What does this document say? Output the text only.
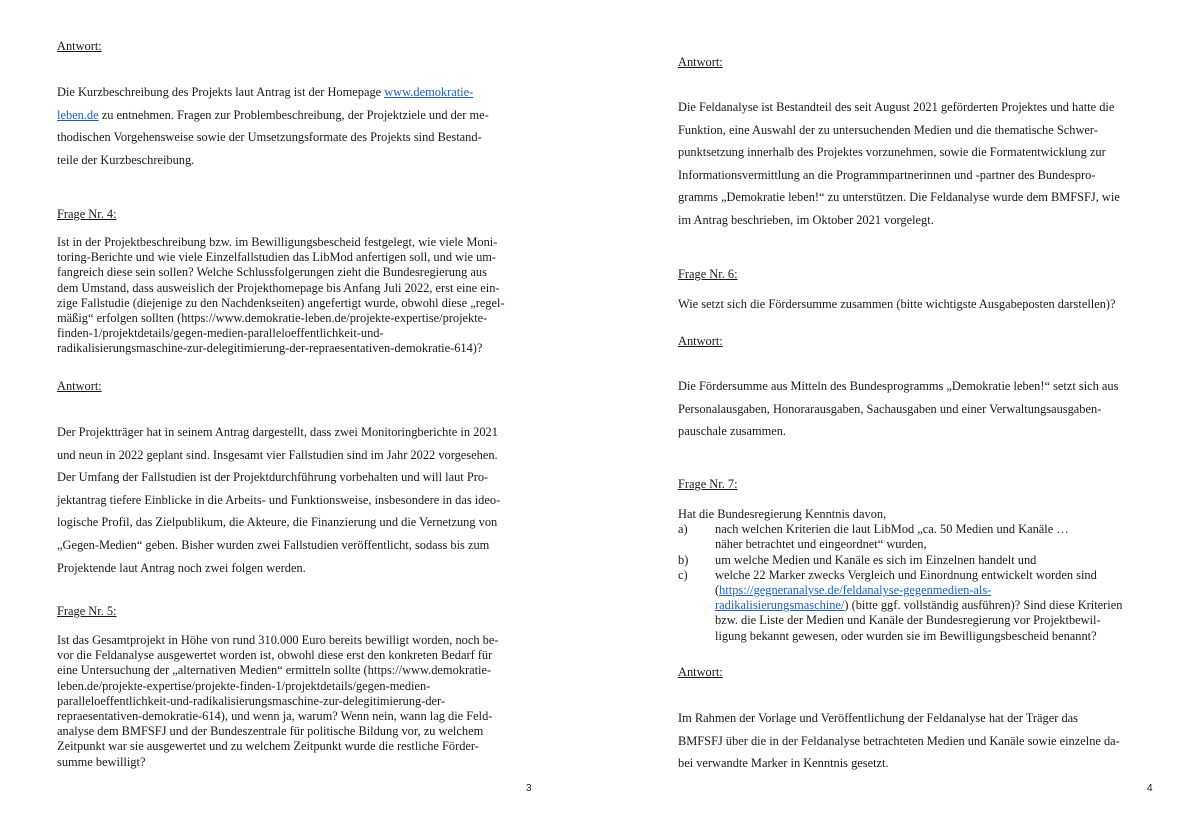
Antwort:
Die Kurzbeschreibung des Projekts laut Antrag ist der Homepage www.demokratie-
leben.de zu entnehmen. Fragen zur Problembeschreibung, der Projektziele und der me-
thodischen Vorgehensweise sowie der Umsetzungsformate des Projekts sind Bestand-
teile der Kurzbeschreibung.
Frage Nr. 4:
Ist in der Projektbeschreibung bzw. im Bewilligungsbescheid festgelegt, wie viele Moni-
toring-Berichte und wie viele Einzelfallstudien das LibMod anfertigen soll, und wie um-
fangreich diese sein sollen? Welche Schlussfolgerungen zieht die Bundesregierung aus
dem Umstand, dass ausweislich der Projekthomepage bis Anfang Juli 2022, erst eine ein-
zige Fallstudie (diejenige zu den Nachdenkseiten) angefertigt wurde, obwohl diese „regel-
mäßig“ erfolgen sollten (https://www.demokratie-leben.de/projekte-expertise/projekte-
finden-1/projektdetails/gegen-medien-paralleloeffentlichkeit-und-
radikalisierungsmaschine-zur-delegitimierung-der-repraesentativen-demokratie-614)?
Antwort:
Der Projektträger hat in seinem Antrag dargestellt, dass zwei Monitoringberichte in 2021
und neun in 2022 geplant sind. Insgesamt vier Fallstudien sind im Jahr 2022 vorgesehen.
Der Umfang der Fallstudien ist der Projektdurchführung vorbehalten und will laut Pro-
jektantrag tiefere Einblicke in die Arbeits- und Funktionsweise, insbesondere in das ideo-
logische Profil, das Zielpublikum, die Akteure, die Finanzierung und die Vernetzung von
„Gegen-Medien“ geben. Bisher wurden zwei Fallstudien veröffentlicht, sodass bis zum
Projektende laut Antrag noch zwei folgen werden.
Frage Nr. 5:
Ist das Gesamtprojekt in Höhe von rund 310.000 Euro bereits bewilligt worden, noch be-
vor die Feldanalyse ausgewertet worden ist, obwohl diese erst den konkreten Bedarf für
eine Untersuchung der „alternativen Medien“ ermitteln sollte (https://www.demokratie-
leben.de/projekte-expertise/projekte-finden-1/projektdetails/gegen-medien-
paralleloeffentlichkeit-und-radikalisierungsmaschine-zur-delegitimierung-der-
repraesentativen-demokratie-614), und wenn ja, warum? Wenn nein, wann lag die Feld-
analyse dem BMFSFJ und der Bundeszentrale für politische Bildung vor, zu welchem
Zeitpunkt war sie ausgewertet und zu welchem Zeitpunkt wurde die restliche Förder-
summe bewilligt?
3
Antwort:
Die Feldanalyse ist Bestandteil des seit August 2021 geförderten Projektes und hatte die
Funktion, eine Auswahl der zu untersuchenden Medien und die thematische Schwer-
punktsetzung innerhalb des Projektes vorzunehmen, sowie die Formatentwicklung zur
Informationsvermittlung an die Programmpartnerinnen und -partner des Bundespro-
gramms „Demokratie leben!“ zu unterstützen. Die Feldanalyse wurde dem BMFSFJ, wie
im Antrag beschrieben, im Oktober 2021 vorgelegt.
Frage Nr. 6:
Wie setzt sich die Fördersumme zusammen (bitte wichtigste Ausgabeposten darstellen)?
Antwort:
Die Fördersumme aus Mitteln des Bundesprogramms „Demokratie leben!“ setzt sich aus
Personalausgaben, Honorarausgaben, Sachausgaben und einer Verwaltungsausgaben-
pauschale zusammen.
Frage Nr. 7:
Hat die Bundesregierung Kenntnis davon,
a) nach welchen Kriterien die laut LibMod „ca. 50 Medien und Kanäle …
näher betrachtet und eingeordnet“ wurden,
b) um welche Medien und Kanäle es sich im Einzelnen handelt und
c) welche 22 Marker zwecks Vergleich und Einordnung entwickelt worden sind
(https://gegneranalyse.de/feldanalyse-gegenmedien-als-
radikalisierungsmaschine/) (bitte ggf. vollständig ausführen)? Sind diese Kriterien
bzw. die Liste der Medien und Kanäle der Bundesregierung vor Projektbewil-
ligung bekannt gewesen, oder wurden sie im Bewilligungsbescheid benannt?
Antwort:
Im Rahmen der Vorlage und Veröffentlichung der Feldanalyse hat der Träger das
BMFSFJ über die in der Feldanalyse betrachteten Medien und Kanäle sowie einzelne da-
bei verwandte Marker in Kenntnis gesetzt.
4
